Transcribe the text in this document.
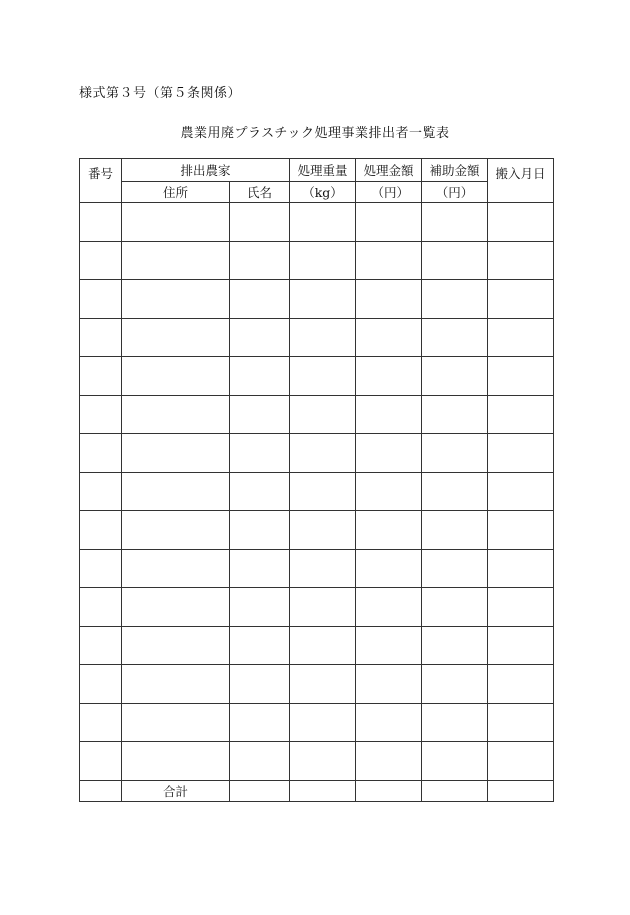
様式第３号（第５条関係）
農業用廃プラスチック処理事業排出者一覧表
番号	排出農家		処理重量	処理金額	補助金額	搬入月日
	住所	氏名	（kg）	（円）	（円）	

	合計					
